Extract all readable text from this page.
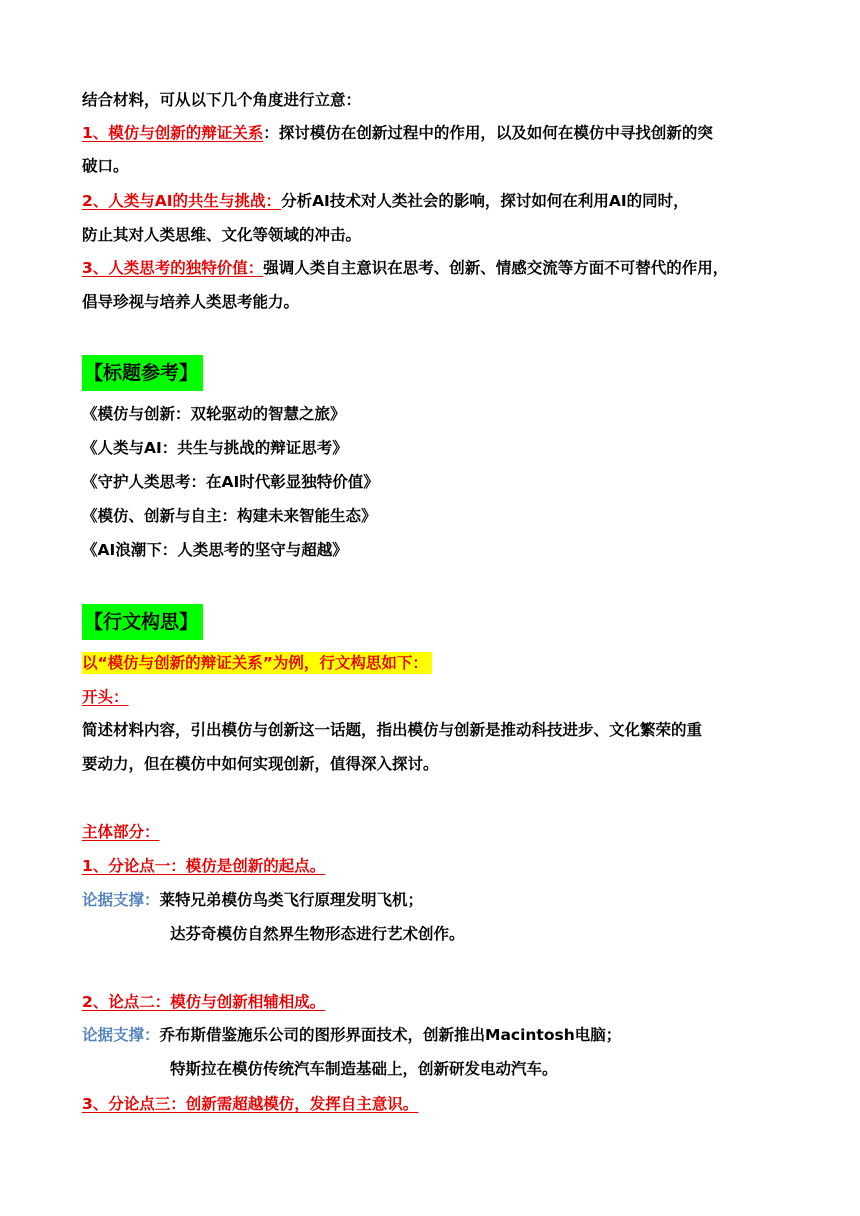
结合材料，可从以下几个角度进行立意：
1、模仿与创新的辩证关系：探讨模仿在创新过程中的作用，以及如何在模仿中寻找创新的突
破口。
2、人类与AI的共生与挑战：分析AI技术对人类社会的影响，探讨如何在利用AI的同时，
防止其对人类思维、文化等领域的冲击。
3、人类思考的独特价值：强调人类自主意识在思考、创新、情感交流等方面不可替代的作用，
倡导珍视与培养人类思考能力。
【标题参考】
《模仿与创新：双轮驱动的智慧之旅》
《人类与AI：共生与挑战的辩证思考》
《守护人类思考：在AI时代彰显独特价值》
《模仿、创新与自主：构建未来智能生态》
《AI浪潮下：人类思考的坚守与超越》
【行文构思】
以“模仿与创新的辩证关系”为例，行文构思如下：
开头：
简述材料内容，引出模仿与创新这一话题，指出模仿与创新是推动科技进步、文化繁荣的重
要动力，但在模仿中如何实现创新，值得深入探讨。
主体部分：
1、分论点一：模仿是创新的起点。
论据支撑：莱特兄弟模仿鸟类飞行原理发明飞机；
达芬奇模仿自然界生物形态进行艺术创作。
2、论点二：模仿与创新相辅相成。
论据支撑：乔布斯借鉴施乐公司的图形界面技术，创新推出Macintosh电脑；
特斯拉在模仿传统汽车制造基础上，创新研发电动汽车。
3、分论点三：创新需超越模仿，发挥自主意识。
